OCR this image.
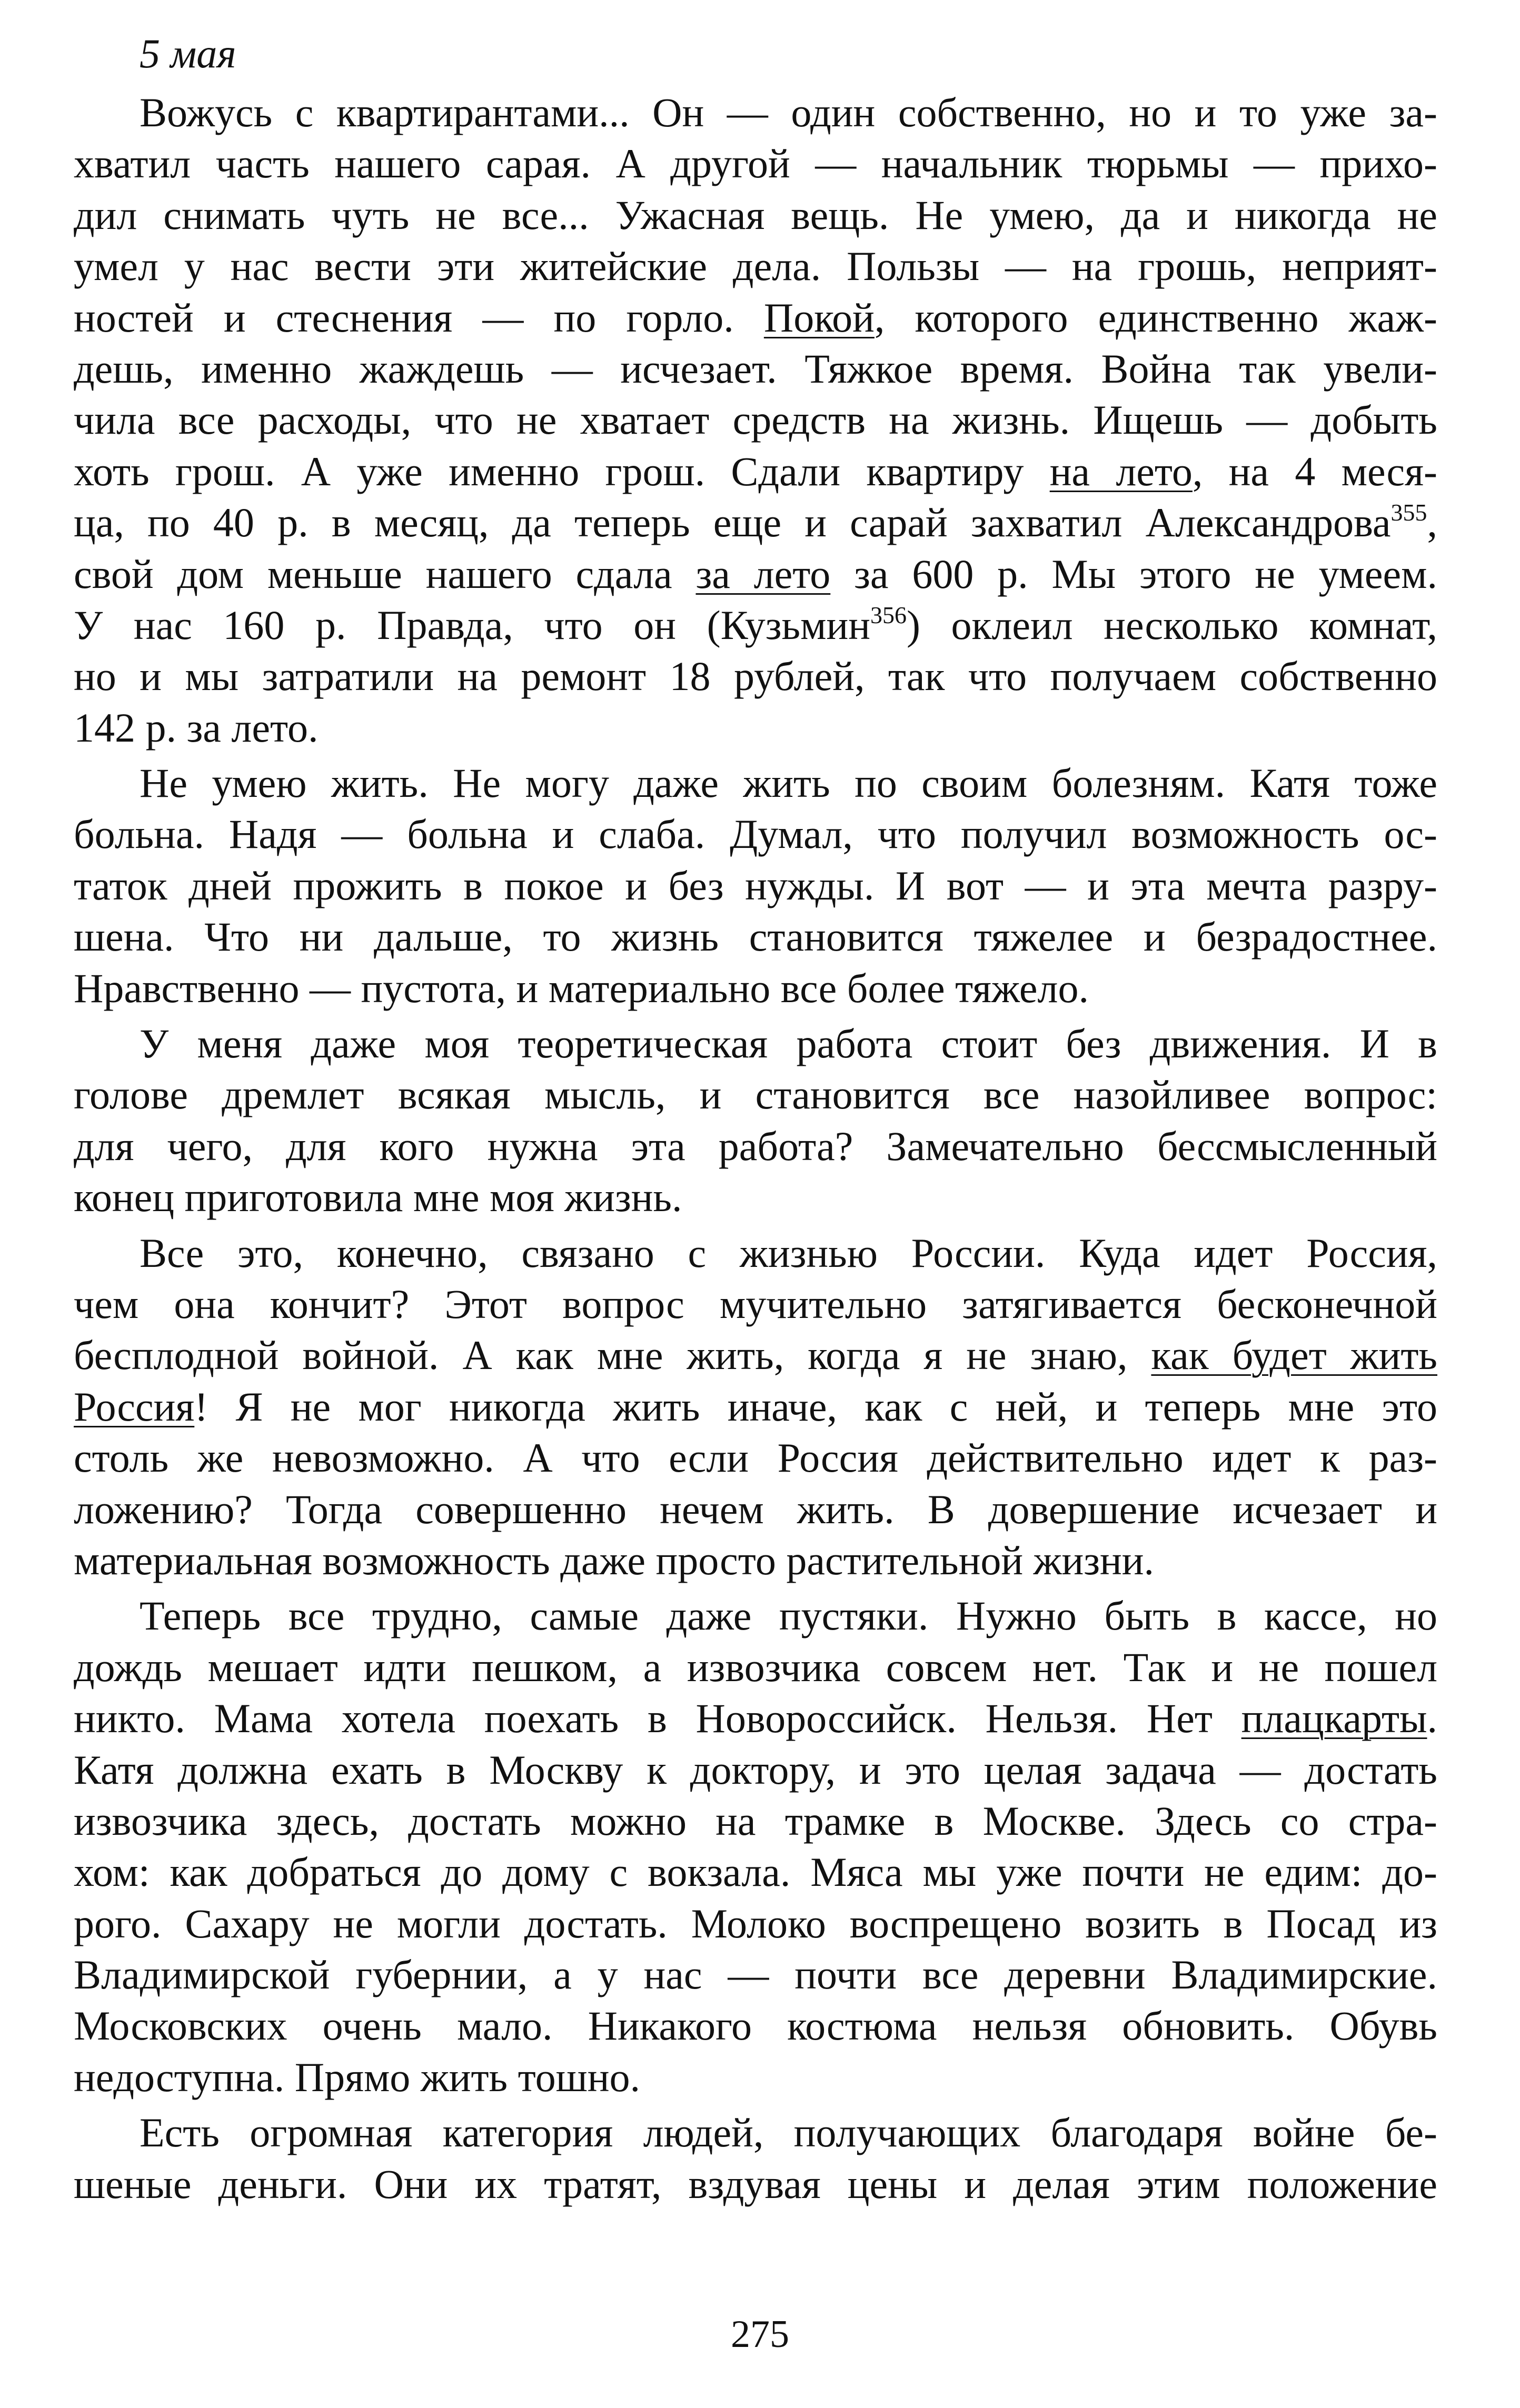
5 мая
Вожусь с квартирантами... Он — один собственно, но и то уже за-
хватил часть нашего сарая. А другой — начальник тюрьмы — прихо-
дил снимать чуть не все... Ужасная вещь. Не умею, да и никогда не
умел у нас вести эти житейские дела. Пользы — на грошь, неприят-
ностей и стеснения — по горло. Покой, которого единственно жаж-
дешь, именно жаждешь — исчезает. Тяжкое время. Война так увели-
чила все расходы, что не хватает средств на жизнь. Ищешь — добыть
хоть грош. А уже именно грош. Сдали квартиру на лето, на 4 меся-
ца, по 40 р. в месяц, да теперь еще и сарай захватил Александрова$^{355}$,
свой дом меньше нашего сдала за лето за 600 р. Мы этого не умеем.
У нас 160 р. Правда, что он (Кузьмин$^{356}$) оклеил несколько комнат,
но и мы затратили на ремонт 18 рублей, так что получаем собственно
142 р. за лето.
Не умею жить. Не могу даже жить по своим болезням. Катя тоже
больна. Надя — больна и слаба. Думал, что получил возможность ос-
таток дней прожить в покое и без нужды. И вот — и эта мечта разру-
шена. Что ни дальше, то жизнь становится тяжелее и безрадостнее.
Нравственно — пустота, и материально все более тяжело.
У меня даже моя теоретическая работа стоит без движения. И в
голове дремлет всякая мысль, и становится все назойливее вопрос:
для чего, для кого нужна эта работа? Замечательно бессмысленный
конец приготовила мне моя жизнь.
Все это, конечно, связано с жизнью России. Куда идет Россия,
чем она кончит? Этот вопрос мучительно затягивается бесконечной
бесплодной войной. А как мне жить, когда я не знаю, как будет жить
Россия! Я не мог никогда жить иначе, как с ней, и теперь мне это
столь же невозможно. А что если Россия действительно идет к раз-
ложению? Тогда совершенно нечем жить. В довершение исчезает и
материальная возможность даже просто растительной жизни.
Теперь все трудно, самые даже пустяки. Нужно быть в кассе, но
дождь мешает идти пешком, а извозчика совсем нет. Так и не пошел
никто. Мама хотела поехать в Новороссийск. Нельзя. Нет плацкарты.
Катя должна ехать в Москву к доктору, и это целая задача — достать
извозчика здесь, достать можно на трамке в Москве. Здесь со стра-
хом: как добраться до дому с вокзала. Мяса мы уже почти не едим: до-
рого. Сахару не могли достать. Молоко воспрещено возить в Посад из
Владимирской губернии, а у нас — почти все деревни Владимирские.
Московских очень мало. Никакого костюма нельзя обновить. Обувь
недоступна. Прямо жить тошно.
Есть огромная категория людей, получающих благодаря войне бе-
шеные деньги. Они их тратят, вздувая цены и делая этим положение
275
